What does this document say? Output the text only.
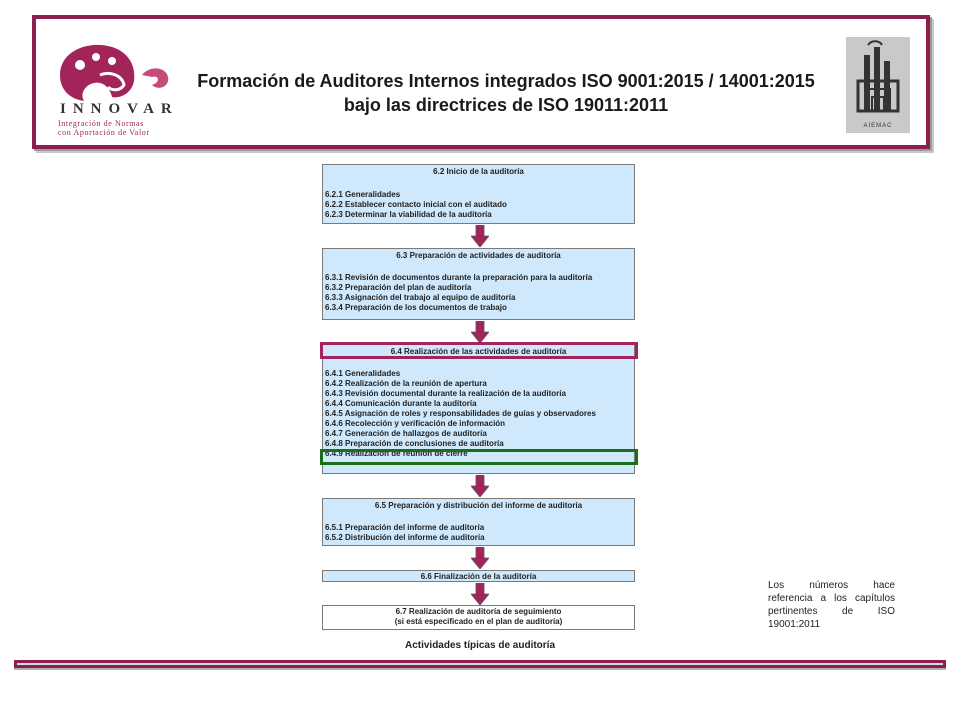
INNOVAR
Integración de Normas
con Aportación de Valor
Formación de Auditores Internos integrados ISO 9001:2015 / 14001:2015 bajo las directrices de ISO 19011:2011
AIEMAC
6.2 Inicio de la auditoría
6.2.1 Generalidades
6.2.2 Establecer contacto inicial con el auditado
6.2.3 Determinar la viabilidad de la auditoría
6.3 Preparación de actividades de auditoría
6.3.1 Revisión de documentos durante la preparación para la auditoría
6.3.2 Preparación del plan de auditoría
6.3.3 Asignación del trabajo al equipo de auditoría
6.3.4 Preparación de los documentos de trabajo
6.4 Realización de las actividades de auditoría
6.4.1 Generalidades
6.4.2 Realización de la reunión de apertura
6.4.3 Revisión documental durante la realización de la auditoría
6.4.4 Comunicación durante la auditoría
6.4.5 Asignación de roles y responsabilidades de guías y observadores
6.4.6 Recolección y verificación de información
6.4.7 Generación de hallazgos de auditoría
6.4.8 Preparación de conclusiones de auditoría
6.4.9 Realización de reunión de cierre
6.5 Preparación y distribución del informe de auditoría
6.5.1 Preparación del informe de auditoría
6.5.2 Distribución del informe de auditoría
6.6 Finalización de la auditoría
6.7 Realización de auditoría de seguimiento
(si está especificado en el plan de auditoría)
Actividades típicas de auditoría
Los números hace referencia a los capítulos pertinentes de ISO 19001:2011
